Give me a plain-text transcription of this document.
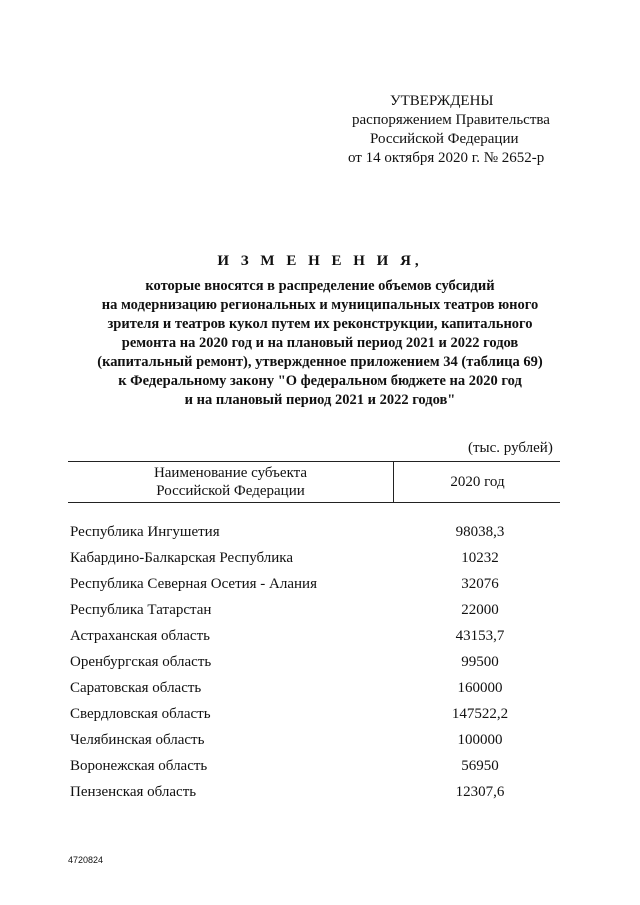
УТВЕРЖДЕНЫ
распоряжением Правительства
Российской Федерации
от 14 октября 2020 г. № 2652-р
И З М Е Н Е Н И Я,
которые вносятся в распределение объемов субсидий
на модернизацию региональных и муниципальных театров юного
зрителя и театров кукол путем их реконструкции, капитального
ремонта на 2020 год и на плановый период 2021 и 2022 годов
(капитальный ремонт), утвержденное приложением 34 (таблица 69)
к Федеральному закону "О федеральном бюджете на 2020 год
и на плановый период 2021 и 2022 годов"
(тыс. рублей)
Наименование субъекта
Российской Федерации
2020 год
Республика Ингушетия	98038,3
Кабардино-Балкарская Республика	10232
Республика Северная Осетия - Алания	32076
Республика Татарстан	22000
Астраханская область	43153,7
Оренбургская область	99500
Саратовская область	160000
Свердловская область	147522,2
Челябинская область	100000
Воронежская область	56950
Пензенская область	12307,6
4720824
